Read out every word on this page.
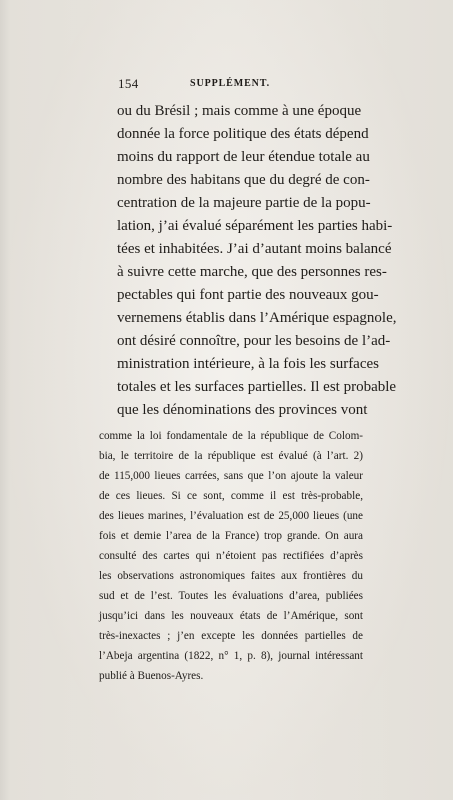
154	SUPPLÉMENT.
ou du Brésil ; mais comme à une époque
donnée la force politique des états dépend
moins du rapport de leur étendue totale au
nombre des habitans que du degré de con-
centration de la majeure partie de la popu-
lation, j’ai évalué séparément les parties habi-
tées et inhabitées. J’ai d’autant moins balancé
à suivre cette marche, que des personnes res-
pectables qui font partie des nouveaux gou-
vernemens établis dans l’Amérique espagnole,
ont désiré connoître, pour les besoins de l’ad-
ministration intérieure, à la fois les surfaces
totales et les surfaces partielles. Il est probable
que les dénominations des provinces vont
comme la loi fondamentale de la république de Colom-
bia, le territoire de la république est évalué (à l’art. 2)
de 115,000 lieues carrées, sans que l’on ajoute la valeur
de ces lieues. Si ce sont, comme il est très-probable,
des lieues marines, l’évaluation est de 25,000 lieues (une
fois et demie l’area de la France) trop grande. On aura
consulté des cartes qui n’étoient pas rectifiées d’après
les observations astronomiques faites aux frontières du
sud et de l’est. Toutes les évaluations d’area, publiées
jusqu’ici dans les nouveaux états de l’Amérique, sont
très-inexactes ; j’en excepte les données partielles de
l’Abeja argentina (1822, n° 1, p. 8), journal intéressant
publié à Buenos-Ayres.
